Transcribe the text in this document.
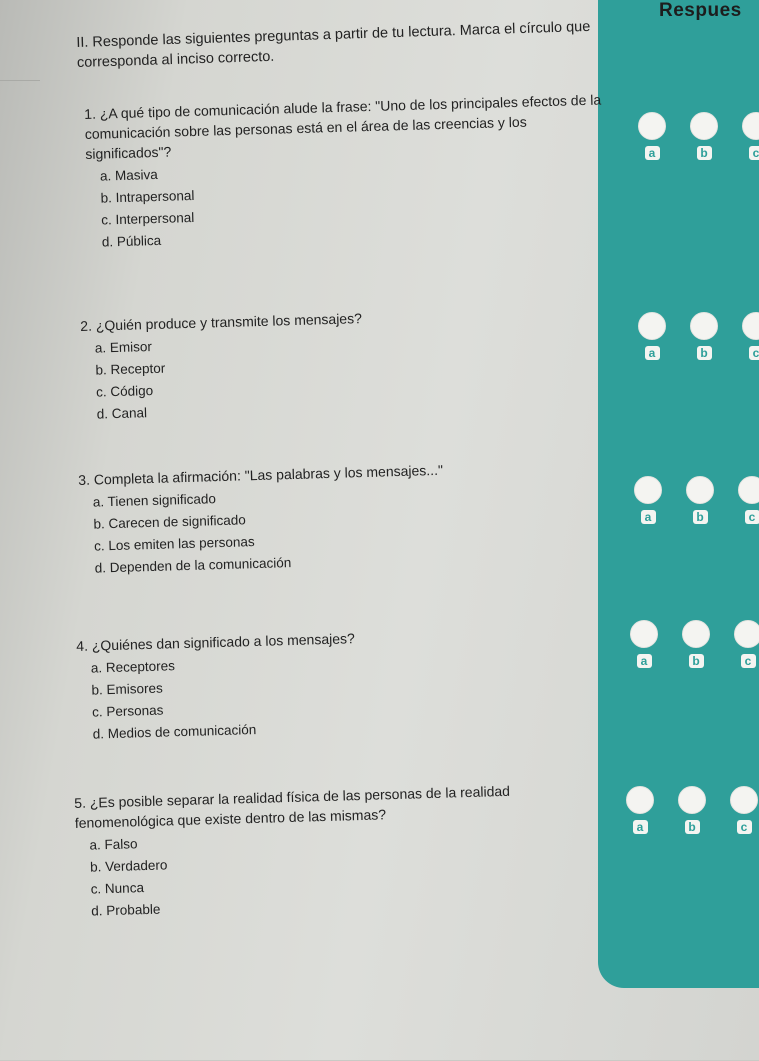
Respues
II. Responde las siguientes preguntas a partir de tu lectura. Marca el círculo que corresponda al inciso correcto.
1. ¿A qué tipo de comunicación alude la frase: "Uno de los principales efectos de la comunicación sobre las personas está en el área de las creencias y los significados"?
a. Masiva
b. Intrapersonal
c. Interpersonal
d. Pública
2. ¿Quién produce y transmite los mensajes?
a. Emisor
b. Receptor
c. Código
d. Canal
3. Completa la afirmación: "Las palabras y los mensajes..."
a. Tienen significado
b. Carecen de significado
c. Los emiten las personas
d. Dependen de la comunicación
4. ¿Quiénes dan significado a los mensajes?
a. Receptores
b. Emisores
c. Personas
d. Medios de comunicación
5. ¿Es posible separar la realidad física de las personas de la realidad fenomenológica que existe dentro de las mismas?
a. Falso
b. Verdadero
c. Nunca
d. Probable
a	b	c
a	b	c
a	b	c
a	b	c
a	b	c
